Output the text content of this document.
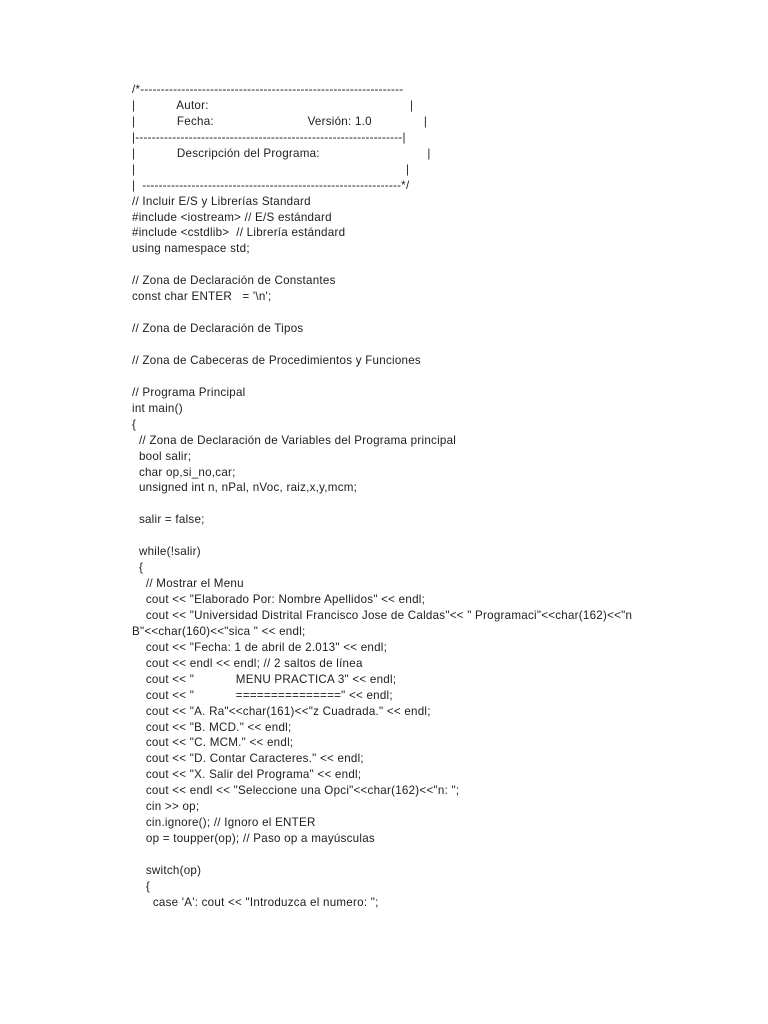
/*----------------------------------------------------------------
|            Autor:                                                          |
|            Fecha:                           Versión: 1.0               |
|-----------------------------------------------------------------|
|            Descripción del Programa:                               |
|                                                                              |
|  ---------------------------------------------------------------*/
// Incluir E/S y Librerías Standard
#include <iostream> // E/S estándard
#include <cstdlib>  // Librería estándard
using namespace std;
// Zona de Declaración de Constantes
const char ENTER   = '\n';
// Zona de Declaración de Tipos
// Zona de Cabeceras de Procedimientos y Funciones
// Programa Principal
int main()
{
// Zona de Declaración de Variables del Programa principal
bool salir;
char op,si_no,car;
unsigned int n, nPal, nVoc, raiz,x,y,mcm;
salir = false;
while(!salir)
{
// Mostrar el Menu
cout << "Elaborado Por: Nombre Apellidos" << endl;
cout << "Universidad Distrital Francisco Jose de Caldas"<< " Programaci"<<char(162)<<"n
B"<<char(160)<<"sica " << endl;
cout << "Fecha: 1 de abril de 2.013" << endl;
cout << endl << endl; // 2 saltos de línea
cout << "            MENU PRACTICA 3" << endl;
cout << "            ===============" << endl;
cout << "A. Ra"<<char(161)<<"z Cuadrada." << endl;
cout << "B. MCD." << endl;
cout << "C. MCM." << endl;
cout << "D. Contar Caracteres." << endl;
cout << "X. Salir del Programa" << endl;
cout << endl << "Seleccione una Opci"<<char(162)<<"n: ";
cin >> op;
cin.ignore(); // Ignoro el ENTER
op = toupper(op); // Paso op a mayúsculas
switch(op)
{
case 'A': cout << "Introduzca el numero: ";
